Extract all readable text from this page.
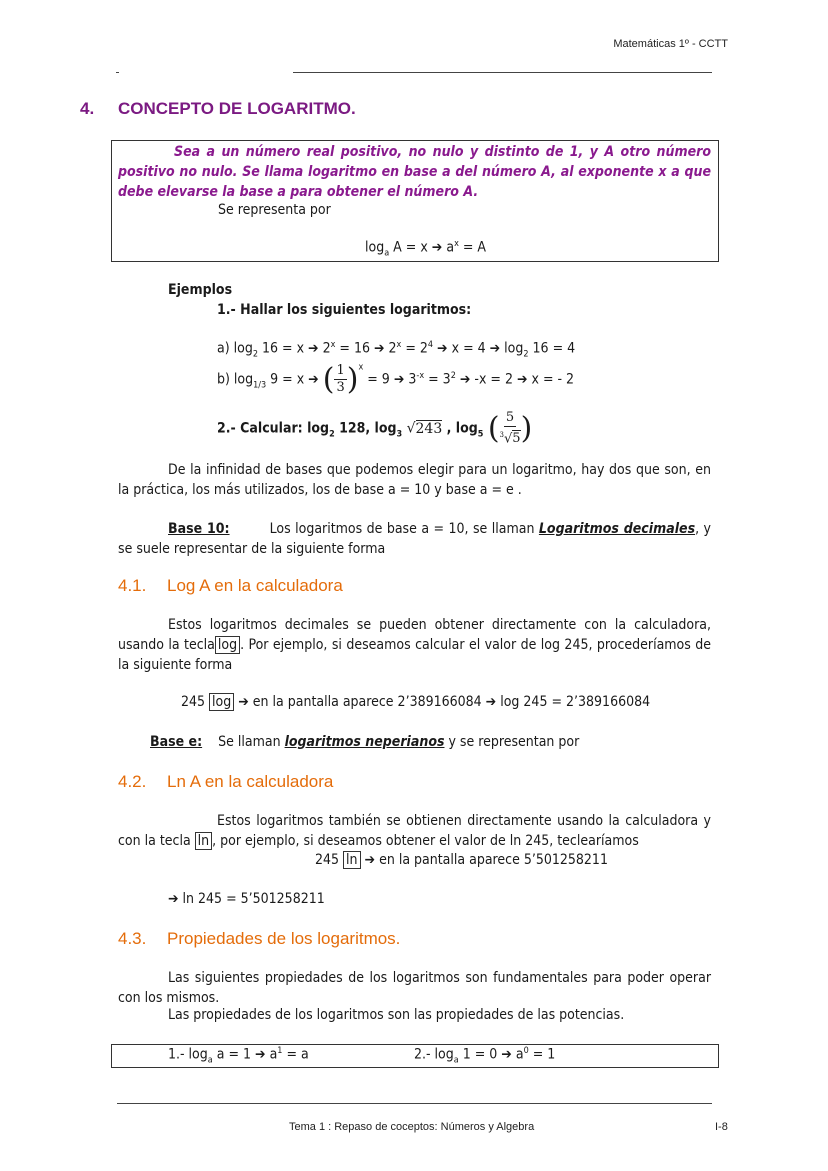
Matemáticas 1º - CCTT
4. CONCEPTO DE LOGARITMO.
Sea a un número real positivo, no nulo y distinto de 1, y A otro número positivo no nulo. Se llama logaritmo en base a del número A, al exponente x a que debe elevarse la base a para obtener el número A.
Se representa por
$\log_a A = x$ ➔ $a^x = A$
Ejemplos
1.- Hallar los siguientes logaritmos:
a) $\log_2 16 = x$ ➔ $2^x = 16$ ➔ $2^x = 2^4$ ➔ x = 4 ➔ $\log_2 16 = 4$
b) $\log_{1/3} 9 = x$ ➔ ( $\frac{1}{3} )^x = 9$ ➔ $3^{-x} = 3^2$ ➔ -x = 2 ➔ x = - 2
2.- Calcular: $\log_2 128$, $\log_3 √243$ , $\log_5$ ( $\frac{5}{^3√5}$ )
De la infinidad de bases que podemos elegir para un logaritmo, hay dos que son, en la práctica, los más utilizados, los de base a = 10 y base a = e .
Base 10:	Los logaritmos de base a = 10, se llaman Logaritmos decimales, y se suele representar de la siguiente forma
4.1. Log A en la calculadora
Estos logaritmos decimales se pueden obtener directamente con la calculadora, usando la tecla log . Por ejemplo, si deseamos calcular el valor de log 245, procederíamos de la siguiente forma
245 log ➔ en la pantalla aparece 2’389166084 ➔ log 245 = 2’389166084
Base e: Se llaman logaritmos neperianos y se representan por
4.2. Ln A en la calculadora
Estos logaritmos también se obtienen directamente usando la calculadora y con la tecla ln , por ejemplo, si deseamos obtener el valor de ln 245, teclearíamos
245 ln ➔ en la pantalla aparece 5’501258211
➔ ln 245 = 5’501258211
4.3. Propiedades de los logaritmos.
Las siguientes propiedades de los logaritmos son fundamentales para poder operar con los mismos.
Las propiedades de los logaritmos son las propiedades de las potencias.
1.- $\log_a a = 1$ ➔ $a^1 = a$	2.- $\log_a 1 = 0$ ➔ $a^0 = 1$
Tema 1 : Repaso de coceptos: Números y Algebra	I-8
